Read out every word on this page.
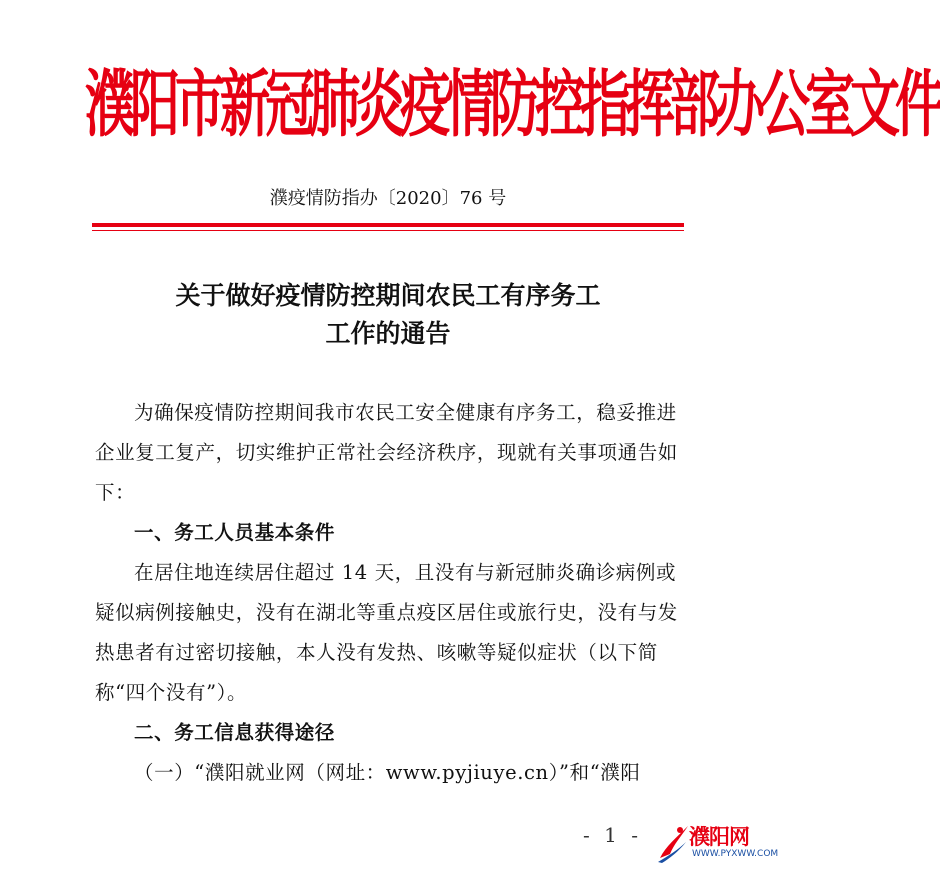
濮阳市新冠肺炎疫情防控指挥部办公室文件
濮疫情防指办〔2020〕76 号
关于做好疫情防控期间农民工有序务工
工作的通告

为确保疫情防控期间我市农民工安全健康有序务工，稳妥推进企业复工复产，切实维护正常社会经济秩序，现就有关事项通告如下：

一、务工人员基本条件

在居住地连续居住超过 14 天，且没有与新冠肺炎确诊病例或疑似病例接触史，没有在湖北等重点疫区居住或旅行史，没有与发热患者有过密切接触，本人没有发热、咳嗽等疑似症状（以下简称“四个没有”）。

二、务工信息获得途径

（一）“濮阳就业网（网址：www.pyjiuye.cn）”和“濮阳

- 1 - 濮阳网
WWW.PYXWW.COM
